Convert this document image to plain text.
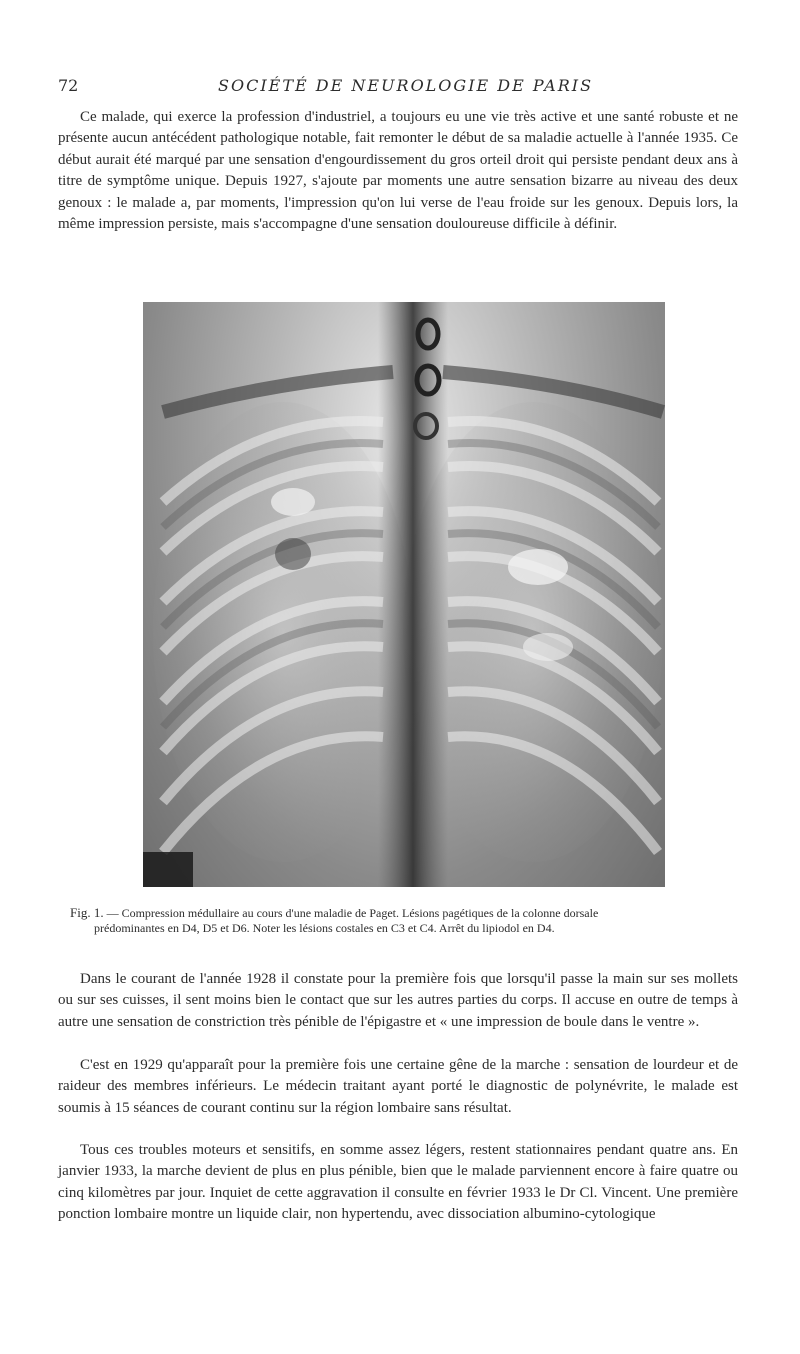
72	SOCIÉTÉ DE NEUROLOGIE DE PARIS

Ce malade, qui exerce la profession d'industriel, a toujours eu une vie très active et une santé robuste et ne présente aucun antécédent pathologique notable, fait remonter le début de sa maladie actuelle à l'année 1935. Ce début aurait été marqué par une sensation d'engourdissement du gros orteil droit qui persiste pendant deux ans à titre de symptôme unique. Depuis 1927, s'ajoute par moments une autre sensation bizarre au niveau des deux genoux : le malade a, par moments, l'impression qu'on lui verse de l'eau froide sur les genoux. Depuis lors, la même impression persiste, mais s'accompagne d'une sensation douloureuse difficile à définir.

Fig. 1. — Compression médullaire au cours d'une maladie de Paget. Lésions pagétiques de la colonne dorsale
prédominantes en D4, D5 et D6. Noter les lésions costales en C3 et C4. Arrêt du lipiodol en D4.

Dans le courant de l'année 1928 il constate pour la première fois que lorsqu'il passe la main sur ses mollets ou sur ses cuisses, il sent moins bien le contact que sur les autres parties du corps. Il accuse en outre de temps à autre une sensation de constriction très pénible de l'épigastre et « une impression de boule dans le ventre ».

C'est en 1929 qu'apparaît pour la première fois une certaine gêne de la marche : sensation de lourdeur et de raideur des membres inférieurs. Le médecin traitant ayant porté le diagnostic de polynévrite, le malade est soumis à 15 séances de courant continu sur la région lombaire sans résultat.

Tous ces troubles moteurs et sensitifs, en somme assez légers, restent stationnaires pendant quatre ans. En janvier 1933, la marche devient de plus en plus pénible, bien que le malade parviennent encore à faire quatre ou cinq kilomètres par jour. Inquiet de cette aggravation il consulte en février 1933 le Dr Cl. Vincent. Une première ponction lombaire montre un liquide clair, non hypertendu, avec dissociation albumino-cytologique
